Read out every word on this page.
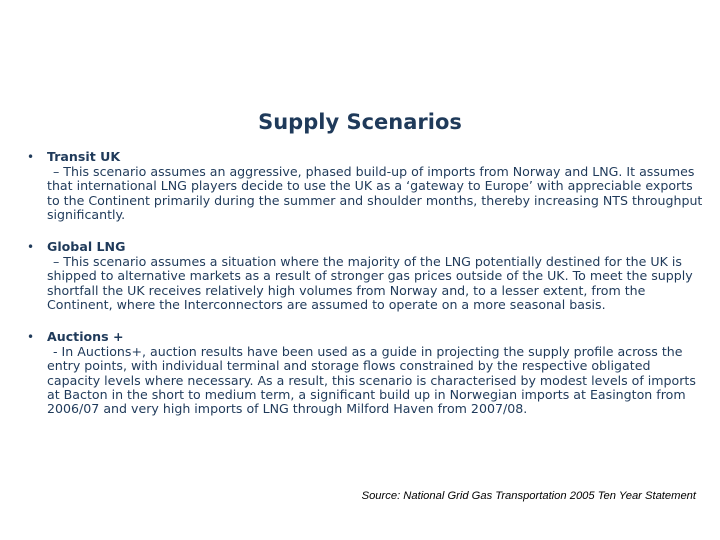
Supply Scenarios
• Transit UK
– This scenario assumes an aggressive, phased build-up of imports from Norway and LNG. It assumes that international LNG players decide to use the UK as a ‘gateway to Europe’ with appreciable exports to the Continent primarily during the summer and shoulder months, thereby increasing NTS throughput significantly.
• Global LNG
– This scenario assumes a situation where the majority of the LNG potentially destined for the UK is shipped to alternative markets as a result of stronger gas prices outside of the UK. To meet the supply shortfall the UK receives relatively high volumes from Norway and, to a lesser extent, from the Continent, where the Interconnectors are assumed to operate on a more seasonal basis.
• Auctions +
- In Auctions+, auction results have been used as a guide in projecting the supply profile across the entry points, with individual terminal and storage flows constrained by the respective obligated capacity levels where necessary. As a result, this scenario is characterised by modest levels of imports at Bacton in the short to medium term, a significant build up in Norwegian imports at Easington from 2006/07 and very high imports of LNG through Milford Haven from 2007/08.
Source: National Grid Gas Transportation 2005 Ten Year Statement
